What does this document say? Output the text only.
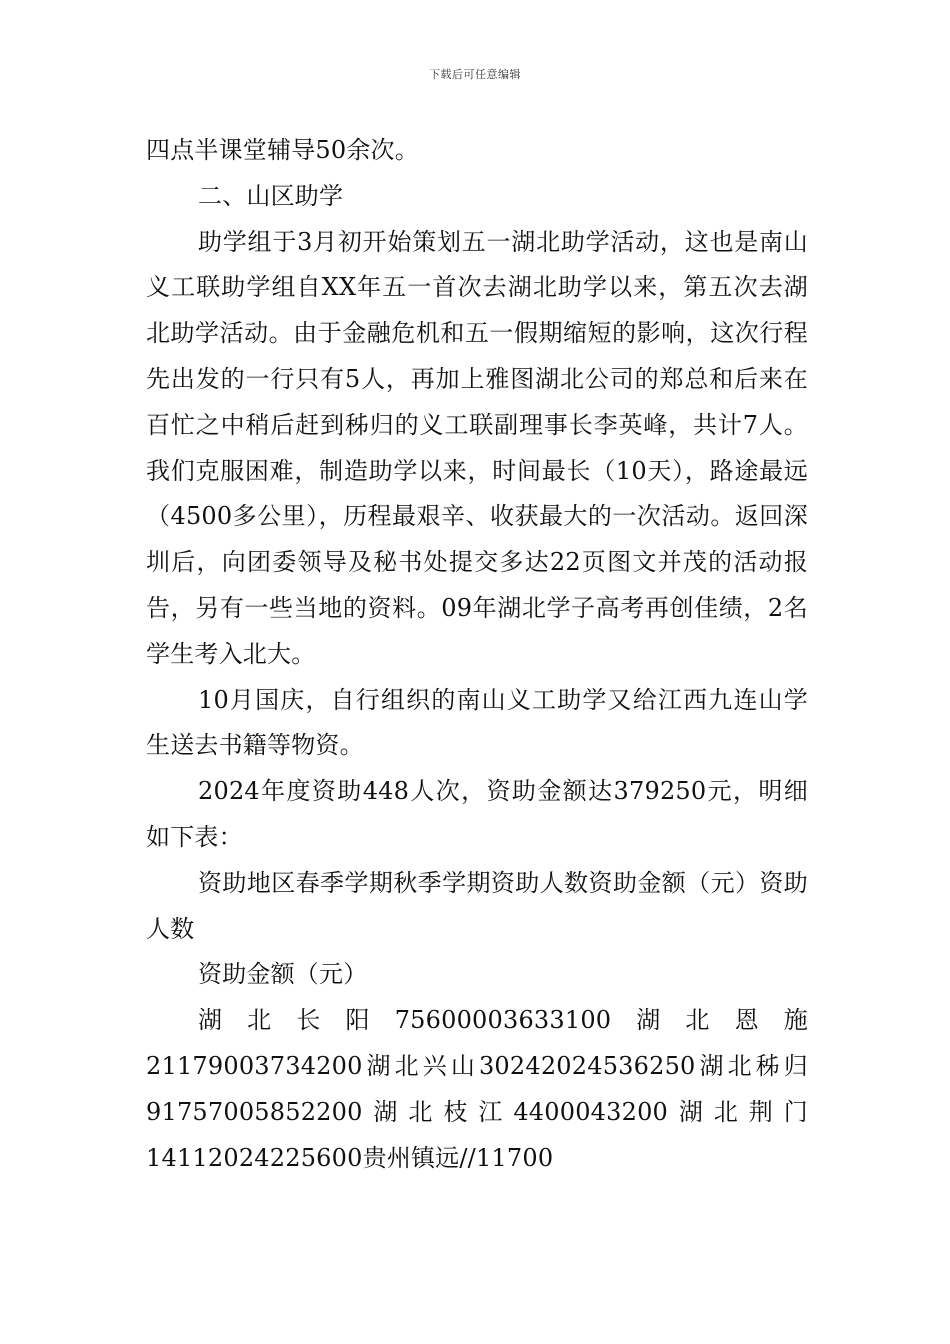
下载后可任意编辑

四点半课堂辅导50余次。

二、山区助学

助学组于3月初开始策划五一湖北助学活动，这也是南山义工联助学组自XX年五一首次去湖北助学以来，第五次去湖北助学活动。由于金融危机和五一假期缩短的影响，这次行程先出发的一行只有5人，再加上雅图湖北公司的郑总和后来在百忙之中稍后赶到秭归的义工联副理事长李英峰，共计7人。我们克服困难，制造助学以来，时间最长（10天），路途最远（4500多公里），历程最艰辛、收获最大的一次活动。返回深圳后，向团委领导及秘书处提交多达22页图文并茂的活动报告，另有一些当地的资料。09年湖北学子高考再创佳绩，2名学生考入北大。

10月国庆，自行组织的南山义工助学又给江西九连山学生送去书籍等物资。

2024年度资助448人次，资助金额达379250元，明细如下表：

资助地区春季学期秋季学期资助人数资助金额（元）资助人数

资助金额（元）

湖北长阳75600003633100湖北恩施21179003734200湖北兴山30242024536250湖北秭归91757005852200湖北枝江4400043200湖北荆门14112024225600贵州镇远//11700
